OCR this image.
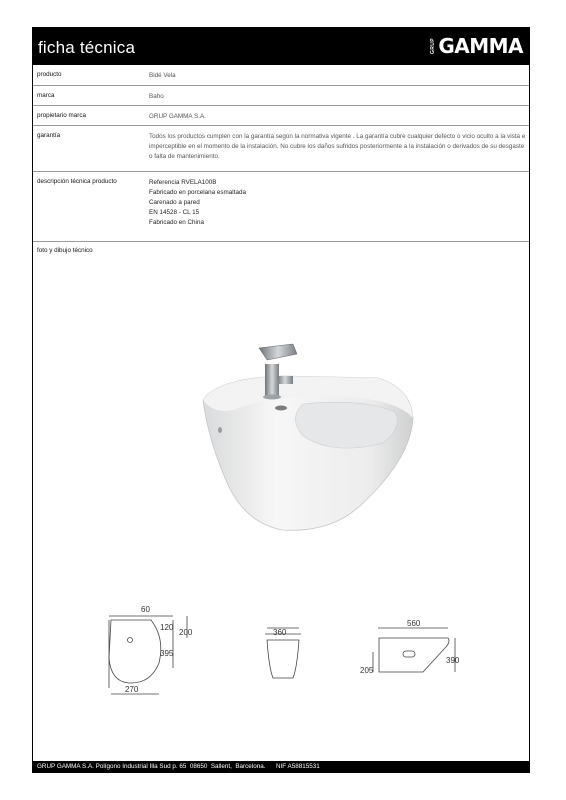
ficha técnica	GRUP GAMMA
producto	Bidé Vela
marca	Baho
propietario marca	GRUP GAMMA S.A.
garantía	Todos los productos cumplen con la garantía según la normativa vigente . La garantía cubre cualquier defecto o vicio oculto a la vista e imperceptible en el momento de la instalación. No cubre los daños sufridos posteriormente a la instalación o derivados de su desgaste o falta de mantenimiento.
descripción técnica producto	Referencia RVELA100B
Fabricado en porcelana esmaltada
Carenado a pared
EN 14528 - CL 15
Fabricado en China
foto y dibujo técnico
60
120
200
395
270
360
560
205
390
GRUP GAMMA S.A. Polígono Industrial Illa Sud p. 65  08650  Sallent,  Barcelona.      NIF A58815531
